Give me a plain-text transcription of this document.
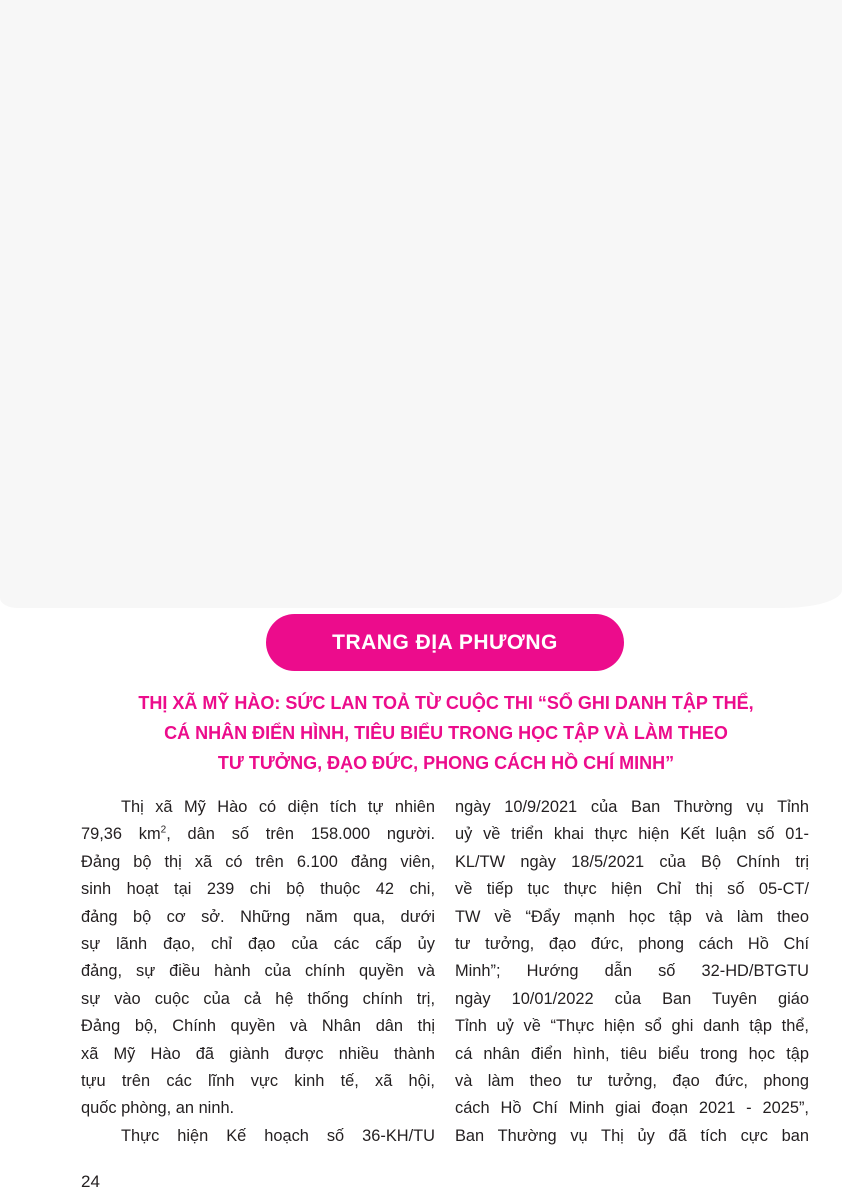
TRANG ĐỊA PHƯƠNG
THỊ XÃ MỸ HÀO: SỨC LAN TOẢ TỪ CUỘC THI “SỔ GHI DANH TẬP THỂ,
CÁ NHÂN ĐIỂN HÌNH, TIÊU BIỂU TRONG HỌC TẬP VÀ LÀM THEO
TƯ TƯỞNG, ĐẠO ĐỨC, PHONG CÁCH HỒ CHÍ MINH”

Thị xã Mỹ Hào có diện tích tự nhiên

79,36 $km^2$, dân số trên 158.000 người.

Đảng bộ thị xã có trên 6.100 đảng viên,

sinh hoạt tại 239 chi bộ thuộc 42 chi,

đảng bộ cơ sở. Những năm qua, dưới

sự lãnh đạo, chỉ đạo của các cấp ủy

đảng, sự điều hành của chính quyền và

sự vào cuộc của cả hệ thống chính trị,

Đảng bộ, Chính quyền và Nhân dân thị

xã Mỹ Hào đã giành được nhiều thành

tựu trên các lĩnh vực kinh tế, xã hội,

quốc phòng, an ninh.

Thực hiện Kế hoạch số 36-KH/TU

ngày 10/9/2021 của Ban Thường vụ Tỉnh

uỷ về triển khai thực hiện Kết luận số 01-

KL/TW ngày 18/5/2021 của Bộ Chính trị

về tiếp tục thực hiện Chỉ thị số 05-CT/

TW về “Đẩy mạnh học tập và làm theo

tư tưởng, đạo đức, phong cách Hồ Chí

Minh”; Hướng dẫn số 32-HD/BTGTU

ngày 10/01/2022 của Ban Tuyên giáo

Tỉnh uỷ về “Thực hiện sổ ghi danh tập thể,

cá nhân điển hình, tiêu biểu trong học tập

và làm theo tư tưởng, đạo đức, phong

cách Hồ Chí Minh giai đoạn 2021 - 2025”,

Ban Thường vụ Thị ủy đã tích cực ban

24
